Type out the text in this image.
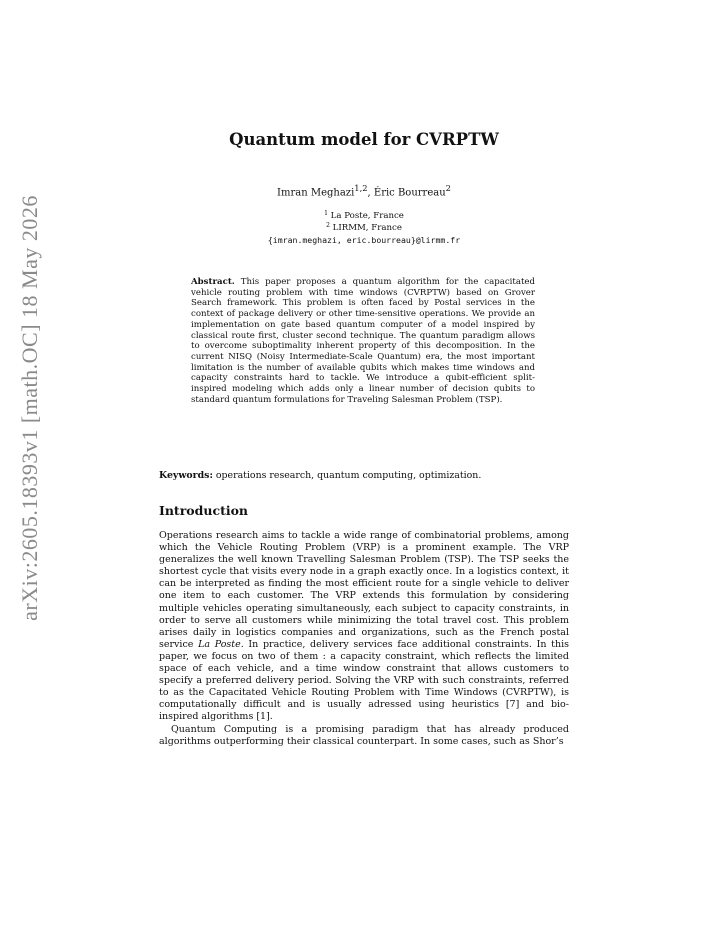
arXiv:2605.18393v1 [math.OC] 18 May 2026
Quantum model for CVRPTW
Imran Meghazi$^{1,2}$, Éric Bourreau$^2$
$^1$ La Poste, France
$^2$ LIRMM, France
{imran.meghazi, eric.bourreau}@lirmm.fr
Abstract. This paper proposes a quantum algorithm for the capacitated vehicle routing problem with time windows (CVRPTW) based on Grover Search framework. This problem is often faced by Postal services in the context of package delivery or other time-sensitive operations. We provide an implementation on gate based quantum computer of a model inspired by classical route first, cluster second technique. The quantum paradigm allows to overcome suboptimality inherent property of this decomposition. In the current NISQ (Noisy Intermediate-Scale Quantum) era, the most important limitation is the number of available qubits which makes time windows and capacity constraints hard to tackle. We introduce a qubit-efficient split-inspired modeling which adds only a linear number of decision qubits to standard quantum formulations for Traveling Salesman Problem (TSP).
Keywords: operations research, quantum computing, optimization.
Introduction

Operations research aims to tackle a wide range of combinatorial problems, among which the Vehicle Routing Problem (VRP) is a prominent example. The VRP generalizes the well known Travelling Salesman Problem (TSP). The TSP seeks the shortest cycle that visits every node in a graph exactly once. In a logistics context, it can be interpreted as finding the most efficient route for a single vehicle to deliver one item to each customer. The VRP extends this formulation by considering multiple vehicles operating simultaneously, each subject to capacity constraints, in order to serve all customers while minimizing the total travel cost. This problem arises daily in logistics companies and organizations, such as the French postal service La Poste. In practice, delivery services face additional constraints. In this paper, we focus on two of them : a capacity constraint, which reflects the limited space of each vehicle, and a time window constraint that allows customers to specify a preferred delivery period. Solving the VRP with such constraints, referred to as the Capacitated Vehicle Routing Problem with Time Windows (CVRPTW), is computationally difficult and is usually adressed using heuristics [7] and bio-inspired algorithms [1].

Quantum Computing is a promising paradigm that has already produced algorithms outperforming their classical counterpart. In some cases, such as Shor’s
